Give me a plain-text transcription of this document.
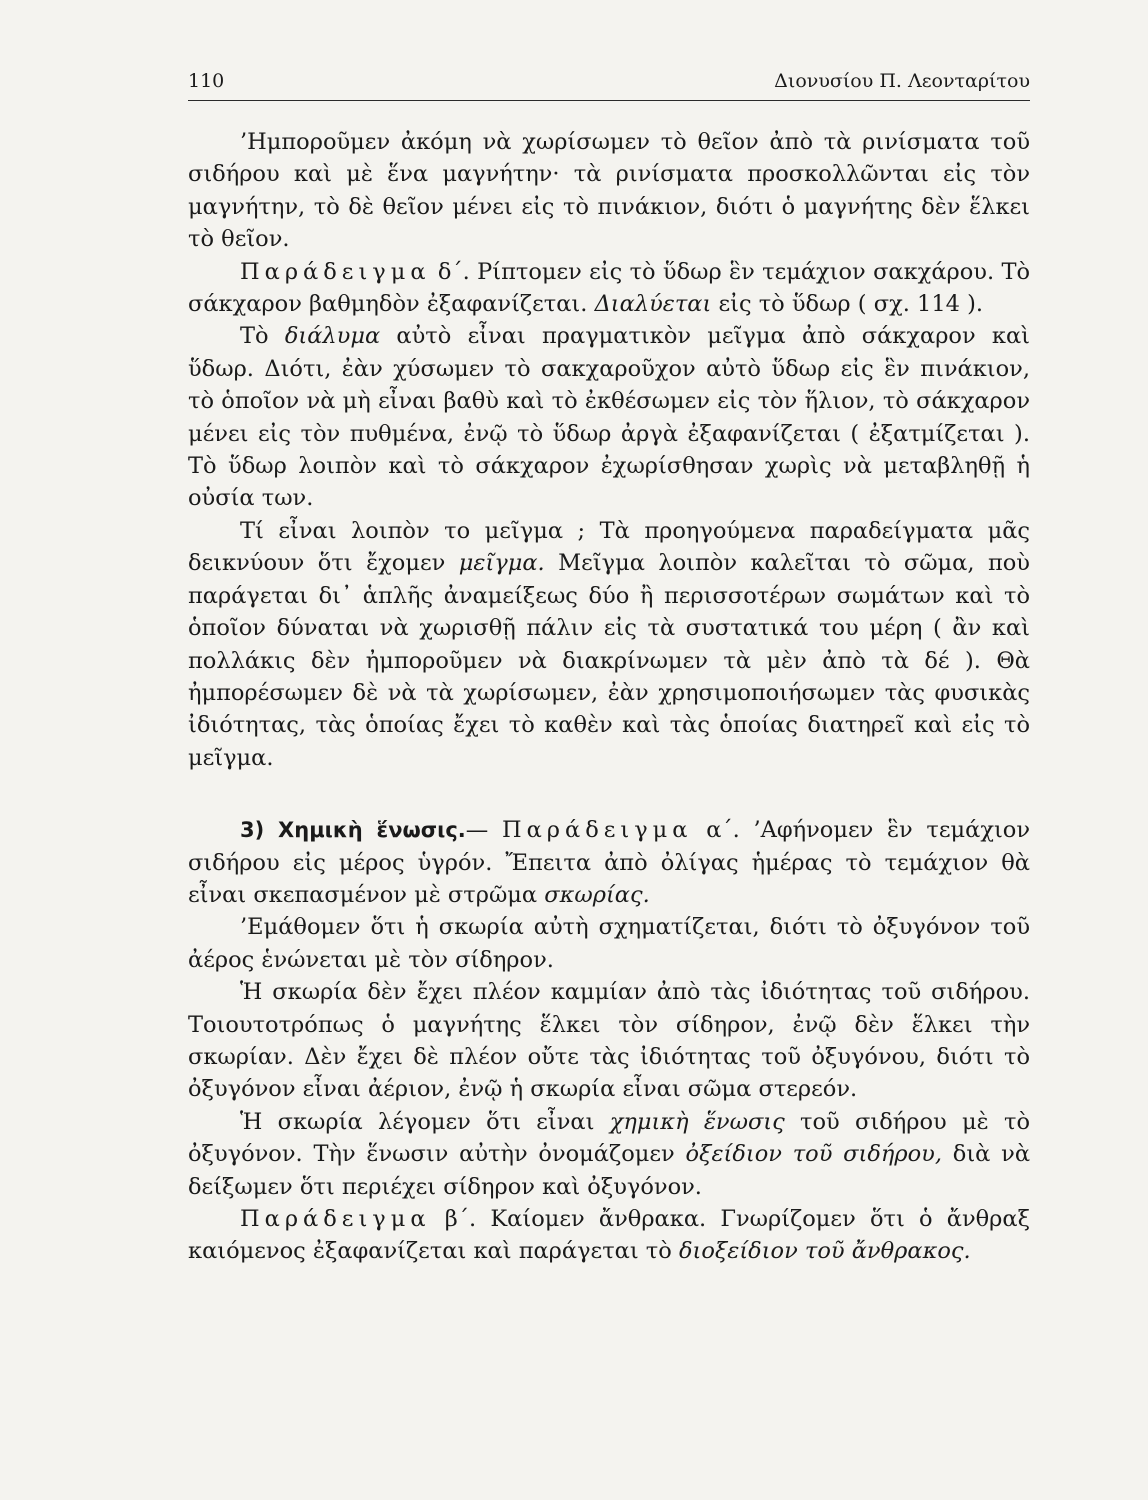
110	Διονυσίου Π. Λεονταρίτου

’Ημποροῦμεν ἀκόμη νὰ χωρίσωμεν τὸ θεῖον ἀπὸ τὰ ρινίσματα τοῦ σιδήρου καὶ μὲ ἕνα μαγνήτην· τὰ ρινίσματα προσκολλῶνται εἰς τὸν μαγνήτην, τὸ δὲ θεῖον μένει εἰς τὸ πινάκιον, διότι ὁ μαγνήτης δὲν ἕλκει τὸ θεῖον.

Παράδειγμα δ΄. Ρίπτομεν εἰς τὸ ὕδωρ ἓν τεμάχιον σακχάρου. Τὸ σάκχαρον βαθμηδὸν ἐξαφανίζεται. Διαλύεται εἰς τὸ ὕδωρ ( σχ. 114 ).

Τὸ διάλυμα αὐτὸ εἶναι πραγματικὸν μεῖγμα ἀπὸ σάκχαρον καὶ ὕδωρ. Διότι, ἐὰν χύσωμεν τὸ σακχαροῦχον αὐτὸ ὕδωρ εἰς ἓν πινάκιον, τὸ ὁποῖον νὰ μὴ εἶναι βαθὺ καὶ τὸ ἐκθέσωμεν εἰς τὸν ἥλιον, τὸ σάκχαρον μένει εἰς τὸν πυθμένα, ἐνῷ τὸ ὕδωρ ἀργὰ ἐξαφανίζεται ( ἐξατμίζεται ). Τὸ ὕδωρ λοιπὸν καὶ τὸ σάκχαρον ἐχωρίσθησαν χωρὶς νὰ μεταβληθῇ ἡ οὐσία των.

Τί εἶναι λοιπὸν το μεῖγμα ; Τὰ προηγούμενα παραδείγματα μᾶς δεικνύουν ὅτι ἔχομεν μεῖγμα. Μεῖγμα λοιπὸν καλεῖται τὸ σῶμα, ποὺ παράγεται δι᾽ ἁπλῆς ἀναμείξεως δύο ἢ περισσοτέρων σωμάτων καὶ τὸ ὁποῖον δύναται νὰ χωρισθῇ πάλιν εἰς τὰ συστατικά του μέρη ( ἂν καὶ πολλάκις δὲν ἠμποροῦμεν νὰ διακρίνωμεν τὰ μὲν ἀπὸ τὰ δέ ). Θὰ ἠμπορέσωμεν δὲ νὰ τὰ χωρίσωμεν, ἐὰν χρησιμοποιήσωμεν τὰς φυσικὰς ἰδιότητας, τὰς ὁποίας ἔχει τὸ καθὲν καὶ τὰς ὁποίας διατηρεῖ καὶ εἰς τὸ μεῖγμα.

3) Χημικὴ ἕνωσις.— Παράδειγμα α΄. ’Αφήνομεν ἓν τεμάχιον σιδήρου εἰς μέρος ὑγρόν. Ἔπειτα ἀπὸ ὀλίγας ἡμέρας τὸ τεμάχιον θὰ εἶναι σκεπασμένον μὲ στρῶμα σκωρίας.

’Εμάθομεν ὅτι ἡ σκωρία αὐτὴ σχηματίζεται, διότι τὸ ὀξυγόνον τοῦ ἀέρος ἑνώνεται μὲ τὸν σίδηρον.

Ἡ σκωρία δὲν ἔχει πλέον καμμίαν ἀπὸ τὰς ἰδιότητας τοῦ σιδήρου. Τοιουτοτρόπως ὁ μαγνήτης ἕλκει τὸν σίδηρον, ἐνῷ δὲν ἕλκει τὴν σκωρίαν. Δὲν ἔχει δὲ πλέον οὔτε τὰς ἰδιότητας τοῦ ὀξυγόνου, διότι τὸ ὀξυγόνον εἶναι ἀέριον, ἐνῷ ἡ σκωρία εἶναι σῶμα στερεόν.

Ἡ σκωρία λέγομεν ὅτι εἶναι χημικὴ ἕνωσις τοῦ σιδήρου μὲ τὸ ὀξυγόνον. Τὴν ἕνωσιν αὐτὴν ὀνομάζομεν ὀξείδιον τοῦ σιδήρου, διὰ νὰ δείξωμεν ὅτι περιέχει σίδηρον καὶ ὀξυγόνον.

Παράδειγμα β΄. Καίομεν ἄνθρακα. Γνωρίζομεν ὅτι ὁ ἄνθραξ καιόμενος ἐξαφανίζεται καὶ παράγεται τὸ διοξείδιον τοῦ ἄνθρακος.
